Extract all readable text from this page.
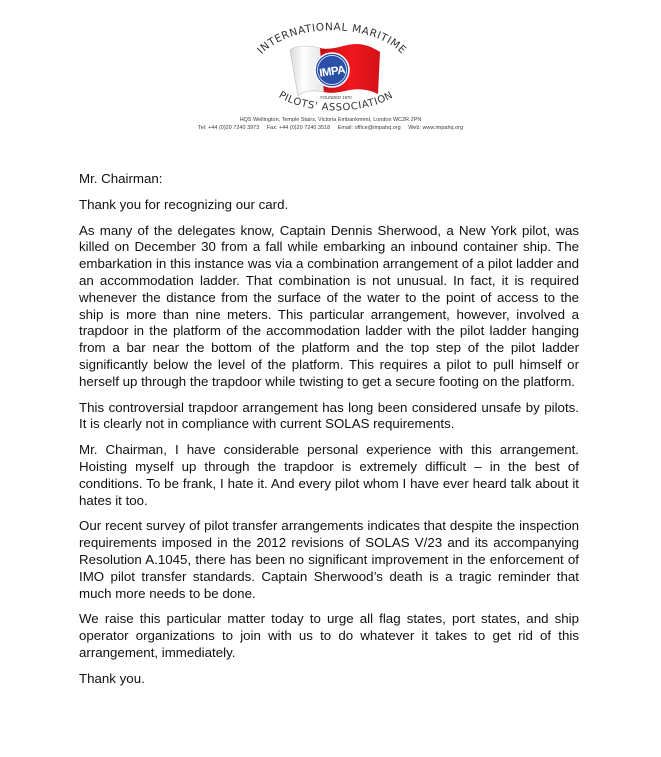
INTERNATIONAL MARITIME
IMPA
FOUNDED 1970
PILOTS' ASSOCIATION
HQS Wellington, Temple Stairs, Victoria Embankment, London WC2R 2PN
Tel: +44 (0)20 7240 3973 Fax: +44 (0)20 7240 3518 Email: office@impahq.org Web: www.impahq.org

Mr. Chairman:

Thank you for recognizing our card.

As many of the delegates know, Captain Dennis Sherwood, a New York pilot, was killed on December 30 from a fall while embarking an inbound container ship. The embarkation in this instance was via a combination arrangement of a pilot ladder and an accommodation ladder. That combination is not unusual. In fact, it is required whenever the distance from the surface of the water to the point of access to the ship is more than nine meters. This particular arrangement, however, involved a trapdoor in the platform of the accommodation ladder with the pilot ladder hanging from a bar near the bottom of the platform and the top step of the pilot ladder significantly below the level of the platform. This requires a pilot to pull himself or herself up through the trapdoor while twisting to get a secure footing on the platform.

This controversial trapdoor arrangement has long been considered unsafe by pilots. It is clearly not in compliance with current SOLAS requirements.

Mr. Chairman, I have considerable personal experience with this arrangement. Hoisting myself up through the trapdoor is extremely difficult – in the best of conditions. To be frank, I hate it. And every pilot whom I have ever heard talk about it hates it too.

Our recent survey of pilot transfer arrangements indicates that despite the inspection requirements imposed in the 2012 revisions of SOLAS V/23 and its accompanying Resolution A.1045, there has been no significant improvement in the enforcement of IMO pilot transfer standards. Captain Sherwood’s death is a tragic reminder that much more needs to be done.

We raise this particular matter today to urge all flag states, port states, and ship operator organizations to join with us to do whatever it takes to get rid of this arrangement, immediately.

Thank you.
